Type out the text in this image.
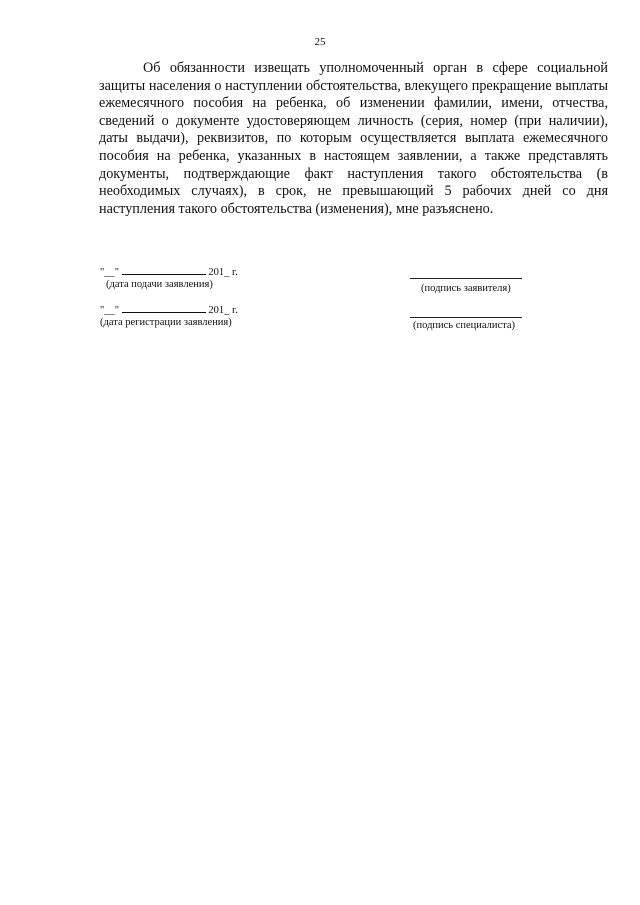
25

Об обязанности извещать уполномоченный орган в сфере социальной защиты населения о наступлении обстоятельства, влекущего прекращение выплаты ежемесячного пособия на ребенка, об изменении фамилии, имени, отчества, сведений о документе удостоверяющем личность (серия, номер (при наличии), даты выдачи), реквизитов, по которым осуществляется выплата ежемесячного пособия на ребенка, указанных в настоящем заявлении, а также представлять документы, подтверждающие факт наступления такого обстоятельства (в необходимых случаях), в срок, не превышающий 5 рабочих дней со дня наступления такого обстоятельства (изменения), мне разъяснено.

"__"	201_ г.
(дата подачи заявления)
"__"	201_ г.
(дата регистрации заявления)
(подпись заявителя)
(подпись специалиста)
